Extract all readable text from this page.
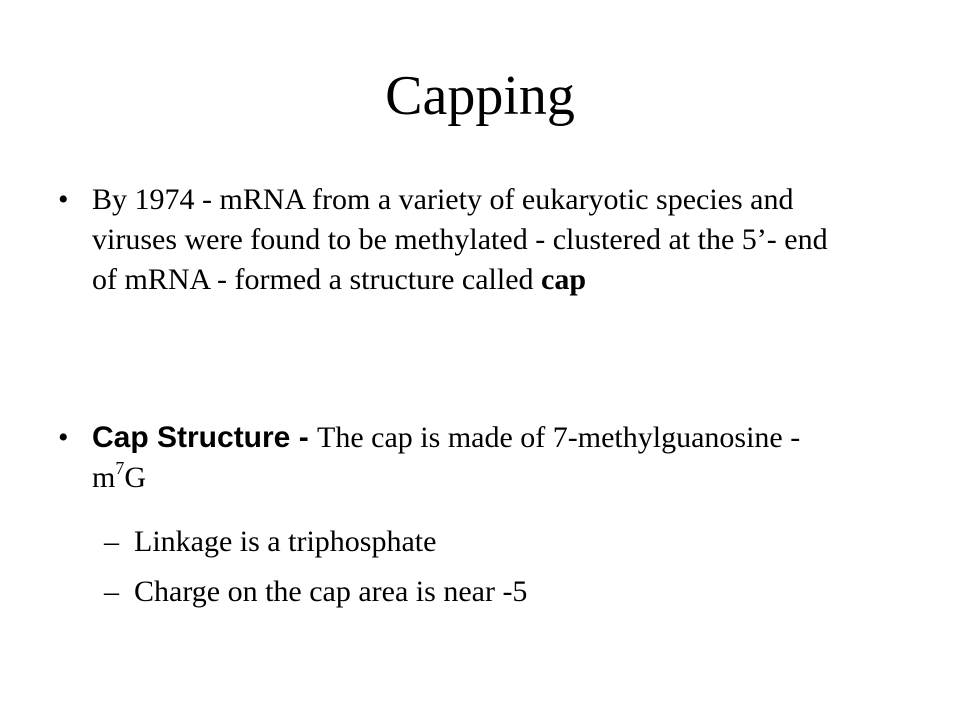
Capping
• By 1974 - mRNA from a variety of eukaryotic species and viruses were found to be methylated - clustered at the 5’- end of mRNA - formed a structure called cap
• Cap Structure - The cap is made of 7-methylguanosine - $m^7G$
– Linkage is a triphosphate
– Charge on the cap area is near -5
